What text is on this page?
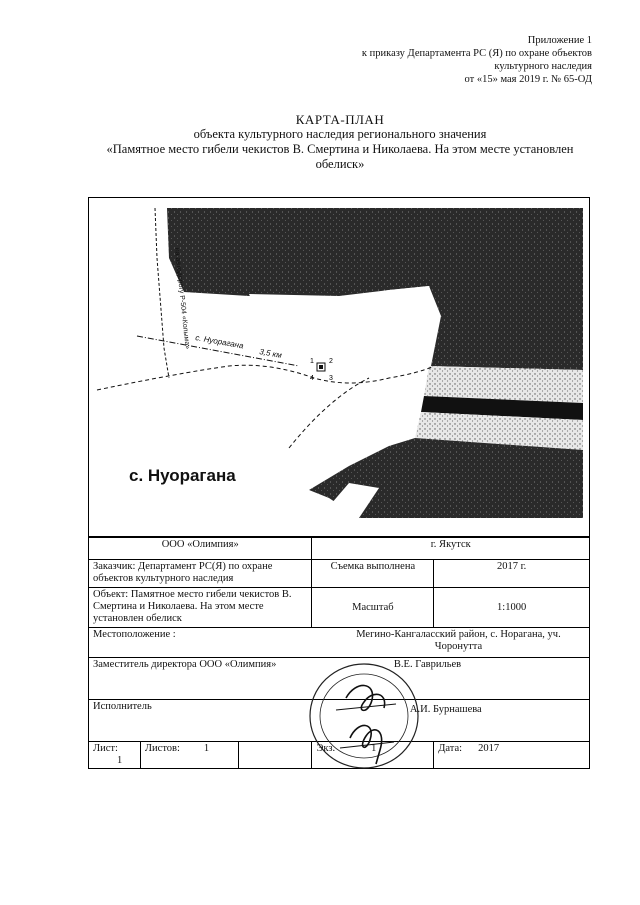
Приложение 1
к приказу Департамента РС (Я) по охране объектов
культурного наследия
от «15» мая 2019 г. № 65-ОД
КАРТА-ПЛАН
объекта культурного наследия регионального значения
«Памятное место гибели чекистов В. Смертина и Николаева. На этом месте установлен
обелиск»
на автодорогу Р-504 «Колыма» с. Нуорагана
3,5 км
1 2
3
4
с. Нуорагана
ООО «Олимпия»			г. Якутск		
Заказчик: Департамент РС(Я) по охране объектов культурного наследия			Съемка выполнена		2017 г.
Объект: Памятное место гибели чекистов В. Смертина и Николаева. На этом месте установлен обелиск			Масштаб		1:1000
Местоположение :			Мегино-Кангаласский район, с. Норагана, уч. Чоронутта		
Заместитель директора ООО «Олимпия»				В.Е. Гаврильев	
Исполнитель				А.И. Бурнашева	
Лист:1	Листов: 1		Экз. 1		Дата: 2017
